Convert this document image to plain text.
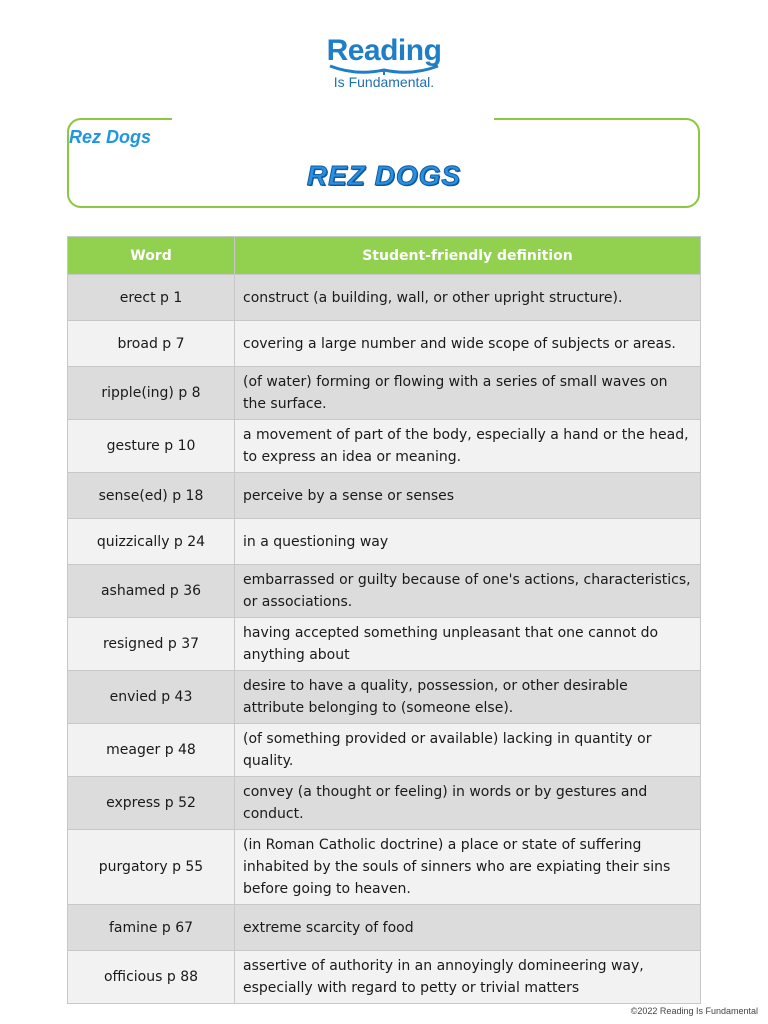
Reading
Is Fundamental.
Rez Dogs
REZ DOGS
Word	Student-friendly definition
erect p 1	construct (a building, wall, or other upright structure).
broad p 7	covering a large number and wide scope of subjects or areas.
ripple(ing) p 8	(of water) forming or flowing with a series of small waves on the surface.
gesture p 10	a movement of part of the body, especially a hand or the head, to express an idea or meaning.
sense(ed) p 18	perceive by a sense or senses
quizzically p 24	in a questioning way
ashamed p 36	embarrassed or guilty because of one's actions, characteristics, or associations.
resigned p 37	having accepted something unpleasant that one cannot do anything about
envied p 43	desire to have a quality, possession, or other desirable attribute belonging to (someone else).
meager p 48	(of something provided or available) lacking in quantity or quality.
express p 52	convey (a thought or feeling) in words or by gestures and conduct.
purgatory p 55	(in Roman Catholic doctrine) a place or state of suffering inhabited by the souls of sinners who are expiating their sins before going to heaven.
famine p 67	extreme scarcity of food
officious p 88	assertive of authority in an annoyingly domineering way, especially with regard to petty or trivial matters
©2022 Reading Is Fundamental
